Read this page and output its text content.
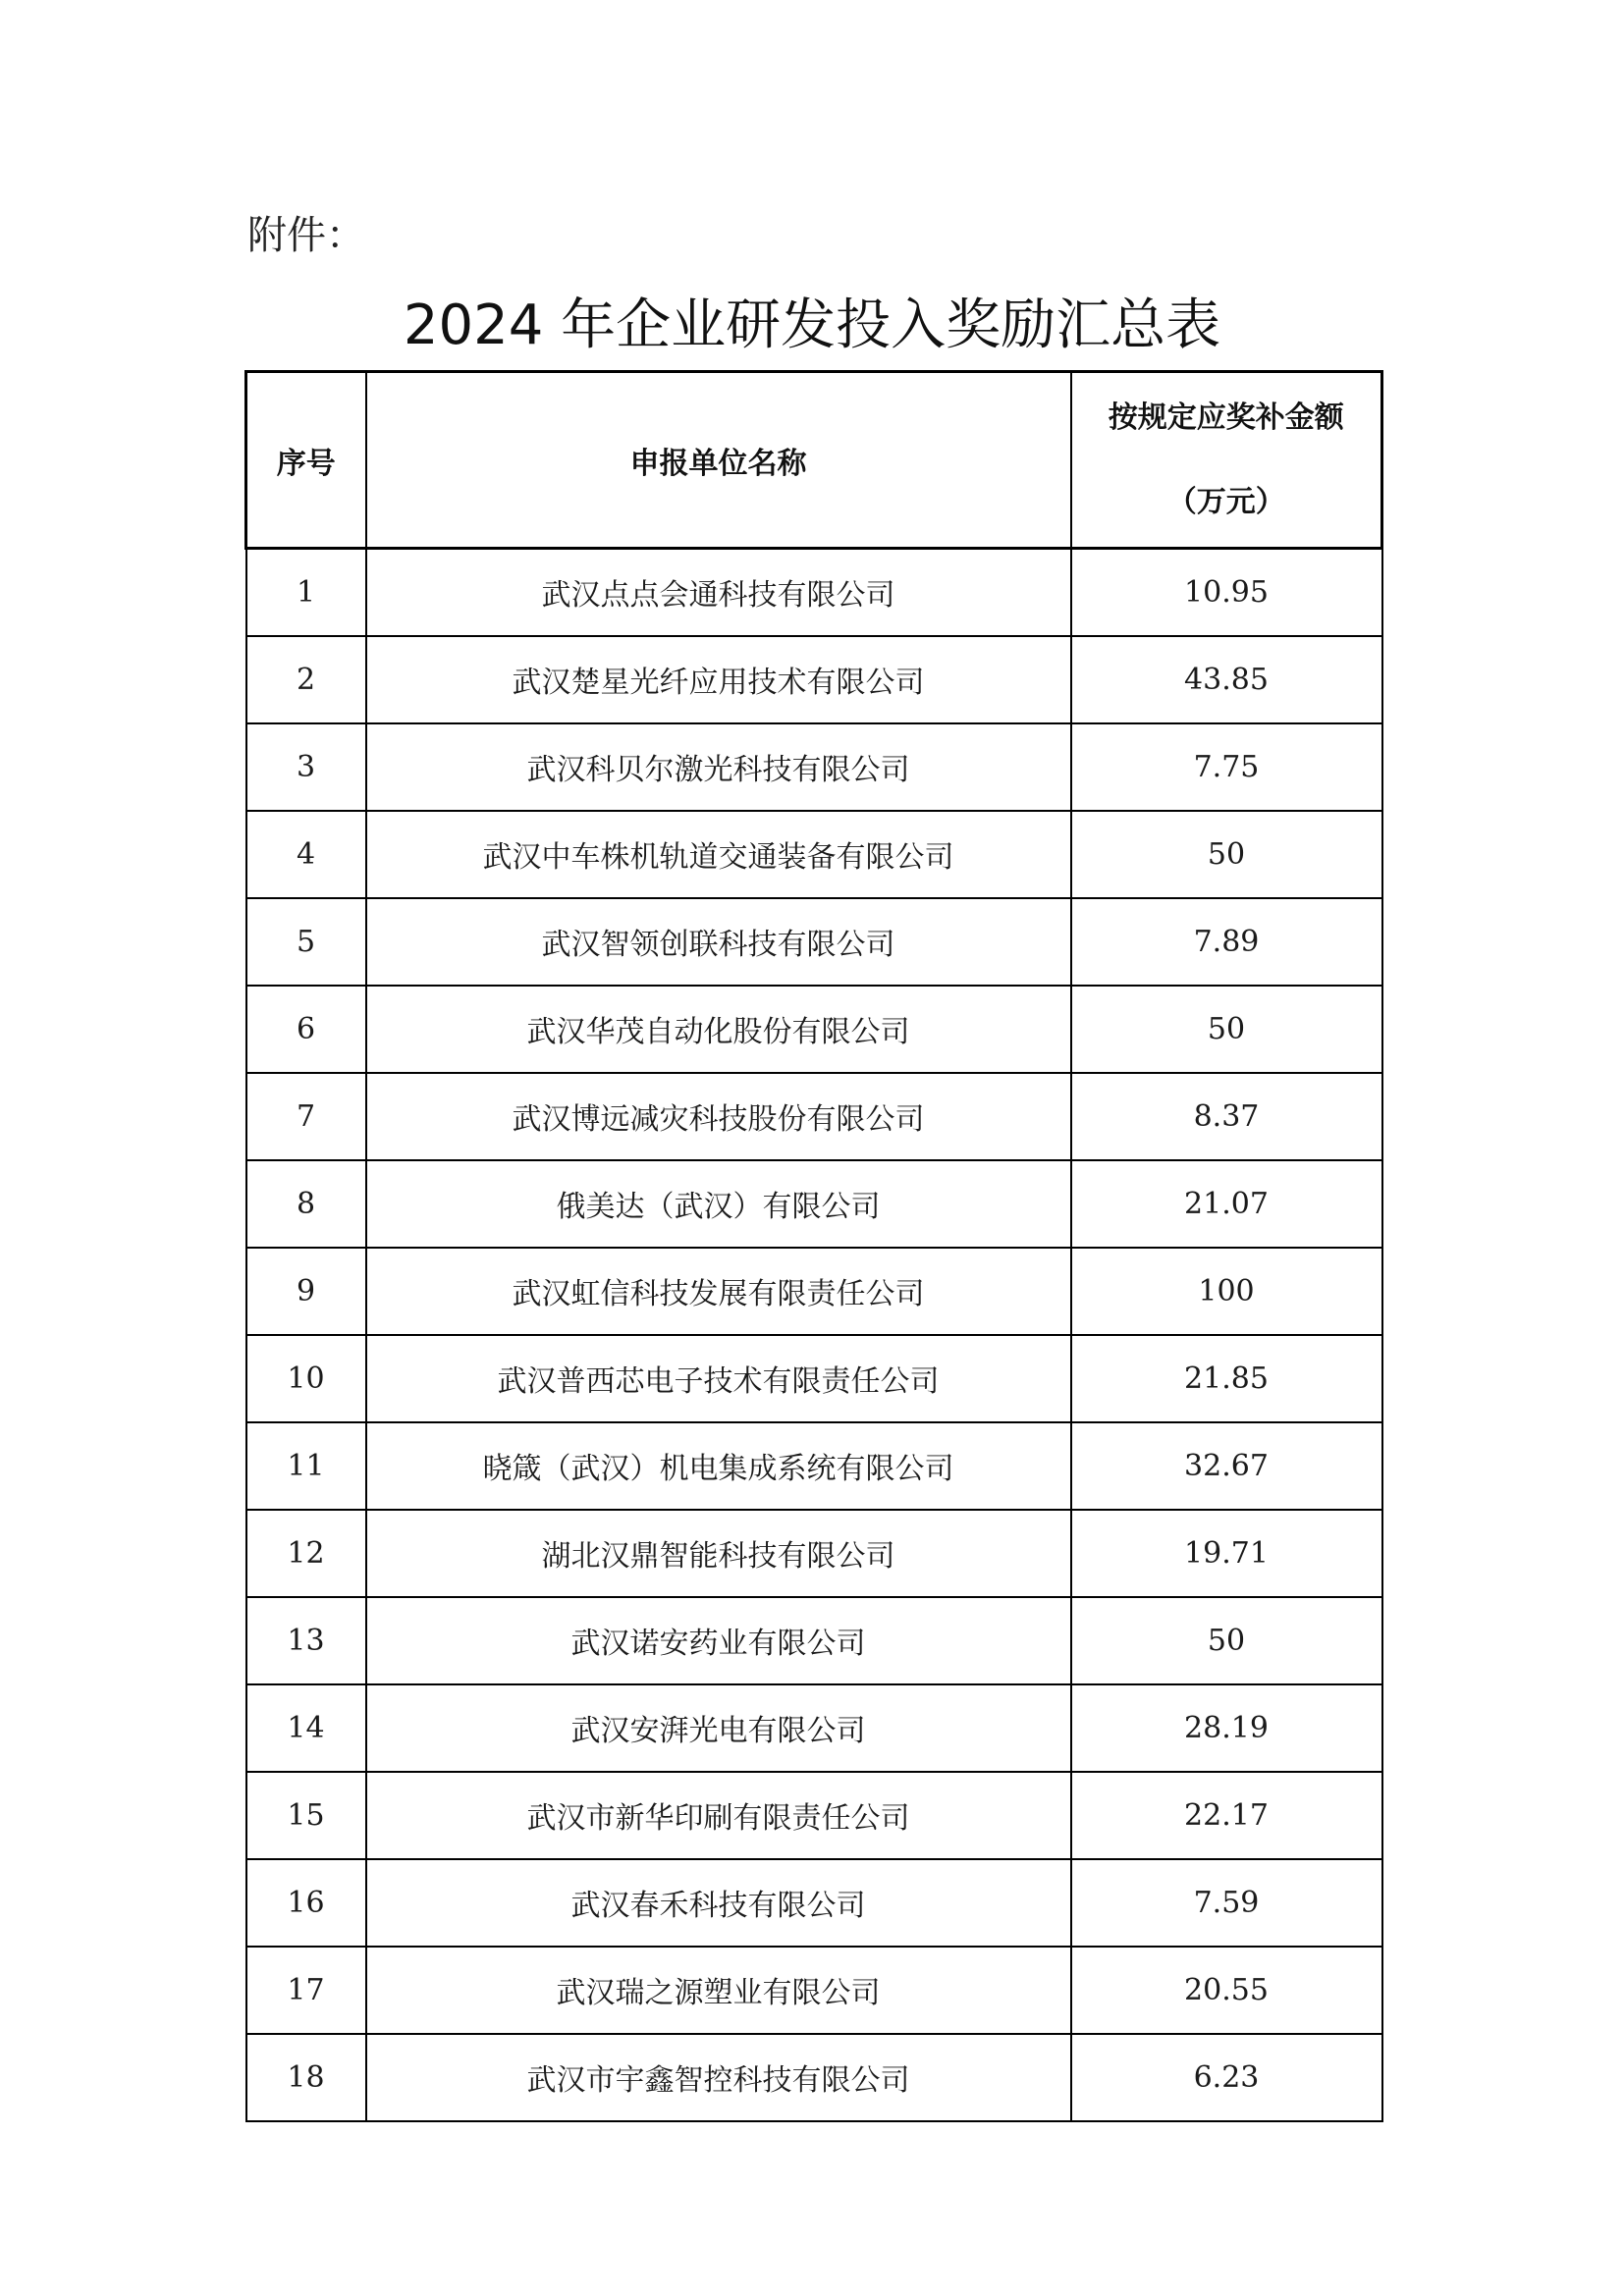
附件：
2024 年企业研发投入奖励汇总表
序号	申报单位名称	按规定应奖补金额
（万元）

1	武汉点点会通科技有限公司	10.95
2	武汉楚星光纤应用技术有限公司	43.85
3	武汉科贝尔激光科技有限公司	7.75
4	武汉中车株机轨道交通装备有限公司	50
5	武汉智领创联科技有限公司	7.89
6	武汉华茂自动化股份有限公司	50
7	武汉博远减灾科技股份有限公司	8.37
8	俄美达（武汉）有限公司	21.07
9	武汉虹信科技发展有限责任公司	100
10	武汉普西芯电子技术有限责任公司	21.85
11	晓箴（武汉）机电集成系统有限公司	32.67
12	湖北汉鼎智能科技有限公司	19.71
13	武汉诺安药业有限公司	50
14	武汉安湃光电有限公司	28.19
15	武汉市新华印刷有限责任公司	22.17
16	武汉春禾科技有限公司	7.59
17	武汉瑞之源塑业有限公司	20.55
18	武汉市宇鑫智控科技有限公司	6.23
